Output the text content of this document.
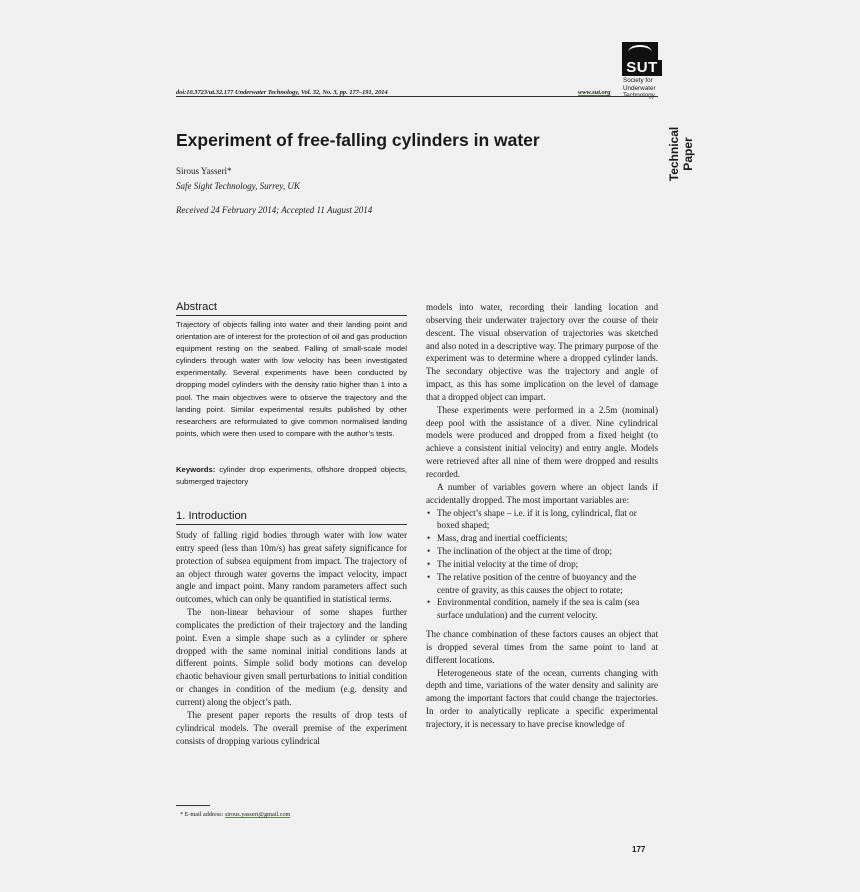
SUT
Society for
Underwater
Technology
doi:10.3723/ut.32.177 Underwater Technology, Vol. 32, No. 3, pp. 177–191, 2014	www.sut.org
Technical Paper
Experiment of free-falling cylinders in water
Sirous Yasseri*
Safe Sight Technology, Surrey, UK
Received 24 February 2014; Accepted 11 August 2014
Abstract
Trajectory of objects falling into water and their landing point and orientation are of interest for the protection of oil and gas production equipment resting on the seabed. Falling of small-scale model cylinders through water with low velocity has been investigated experimentally. Several experiments have been conducted by dropping model cylinders with the density ratio higher than 1 into a pool. The main objectives were to observe the trajectory and the landing point. Similar experimental results published by other researchers are reformulated to give common normalised landing points, which were then used to compare with the author’s tests.
Keywords: cylinder drop experiments, offshore dropped objects, submerged trajectory
1. Introduction

Study of falling rigid bodies through water with low water entry speed (less than 10m/s) has great safety significance for protection of subsea equipment from impact. The trajectory of an object through water governs the impact velocity, impact angle and impact point. Many random parameters affect such outcomes, which can only be quantified in statistical terms.

The non-linear behaviour of some shapes further complicates the prediction of their trajectory and the landing point. Even a simple shape such as a cylinder or sphere dropped with the same nominal initial conditions lands at different points. Simple solid body motions can develop chaotic behaviour given small perturbations to initial condition or changes in condition of the medium (e.g. density and current) along the object’s path.

The present paper reports the results of drop tests of cylindrical models. The overall premise of the experiment consists of dropping various cylindrical

models into water, recording their landing location and observing their underwater trajectory over the course of their descent. The visual observation of trajectories was sketched and also noted in a descriptive way. The primary purpose of the experiment was to determine where a dropped cylinder lands. The secondary objective was the trajectory and angle of impact, as this has some implication on the level of damage that a dropped object can impart.

These experiments were performed in a 2.5m (nominal) deep pool with the assistance of a diver. Nine cylindrical models were produced and dropped from a fixed height (to achieve a consistent initial velocity) and entry angle. Models were retrieved after all nine of them were dropped and results recorded.

A number of variables govern where an object lands if accidentally dropped. The most important variables are:

• The object’s shape – i.e. if it is long, cylindrical, flat or boxed shaped;
• Mass, drag and inertial coefficients;
• The inclination of the object at the time of drop;
• The initial velocity at the time of drop;
• The relative position of the centre of buoyancy and the centre of gravity, as this causes the object to rotate;
• Environmental condition, namely if the sea is calm (sea surface undulation) and the current velocity.

The chance combination of these factors causes an object that is dropped several times from the same point to land at different locations.

Heterogeneous state of the ocean, currents changing with depth and time, variations of the water density and salinity are among the important factors that could change the trajectories. In order to analytically replicate a specific experimental trajectory, it is necessary to have precise knowledge of

* E-mail address: sirous.yasseri@gmail.com
177
